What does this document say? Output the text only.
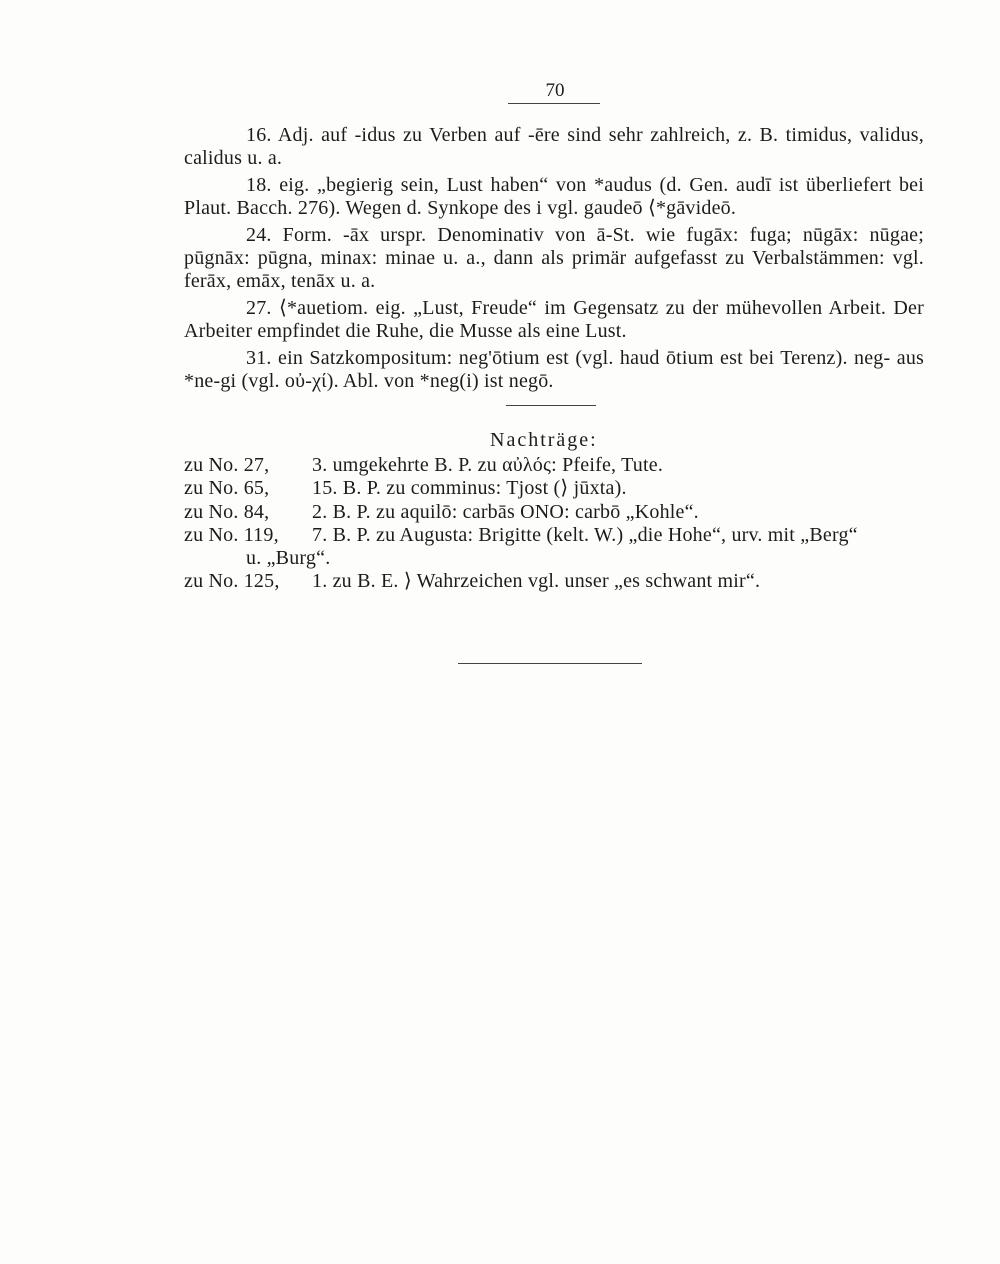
70

16. Adj. auf -idus zu Verben auf -ēre sind sehr zahlreich, z. B. timidus, validus, calidus u. a.

18. eig. „begierig sein, Lust haben“ von *audus (d. Gen. audī ist überliefert bei Plaut. Bacch. 276). Wegen d. Synkope des i vgl. gaudeō ⟨*gāvideō.

24. Form. -āx urspr. Denominativ von ā-St. wie fugāx: fuga; nūgāx: nūgae; pūgnāx: pūgna, minax: minae u. a., dann als primär aufgefasst zu Verbalstämmen: vgl. ferāx, emāx, tenāx u. a.

27. ⟨*auetiom. eig. „Lust, Freude“ im Gegensatz zu der mühevollen Arbeit. Der Arbeiter empfindet die Ruhe, die Musse als eine Lust.

31. ein Satzkompositum: neg'ōtium est (vgl. haud ōtium est bei Terenz). neg- aus *ne-gi (vgl. οὐ-χί). Abl. von *neg(i) ist negō.

Nachträge:
zu No. 27, 3. umgekehrte B. P. zu αὐλός: Pfeife, Tute.
zu No. 65, 15. B. P. zu comminus: Tjost (⟩ jūxta).
zu No. 84, 2. B. P. zu aquilō: carbās ONO: carbō „Kohle“.
zu No. 119, 7. B. P. zu Augusta: Brigitte (kelt. W.) „die Hohe“, urv. mit „Berg“
u. „Burg“.
zu No. 125, 1. zu B. E. ⟩ Wahrzeichen vgl. unser „es schwant mir“.
